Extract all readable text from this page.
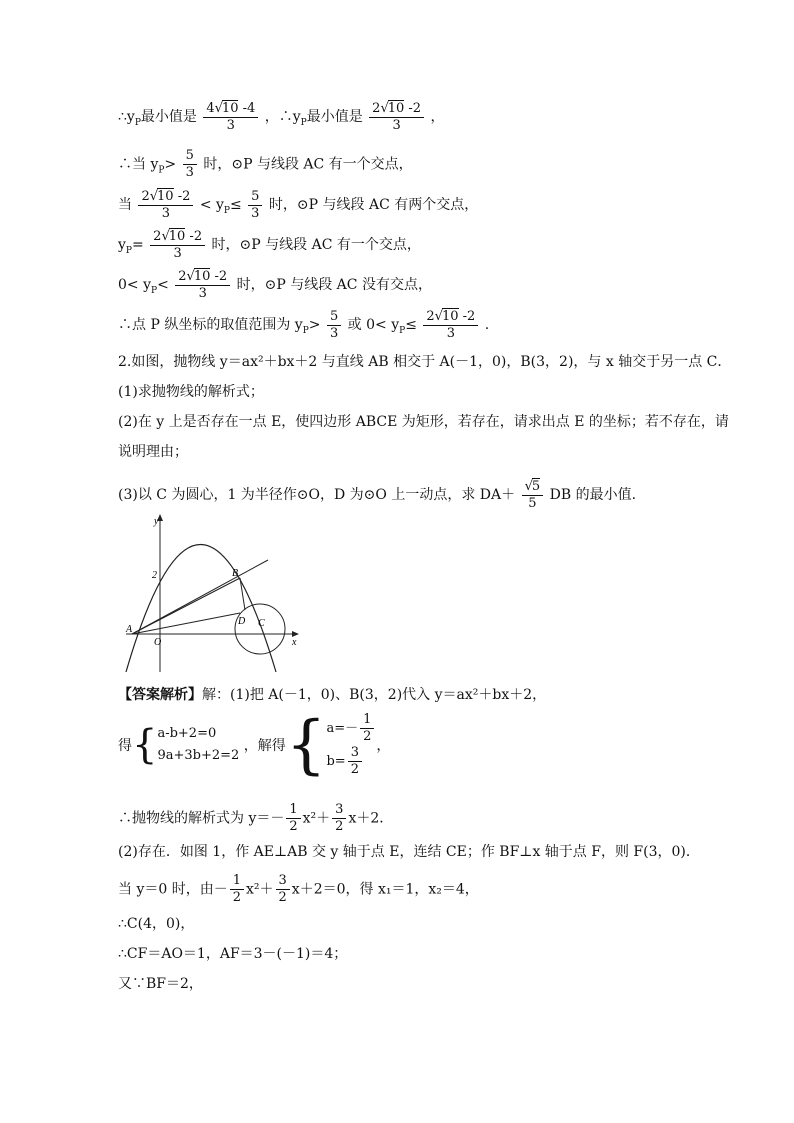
$\therefore y_P$最小值是 $\frac{4√10 -4}{3}$ ，$\therefore y_P$最小值是 $\frac{2√10 -2}{3}$ ，
∴当 $y_P> \frac{5}{3}$ 时，⊙P 与线段 AC 有一个交点，
当 $\frac{2√10 -2}{3} < y_P\le \frac{5}{3}$ 时，⊙P 与线段 AC 有两个交点，
$y_P= \frac{2√10 -2}{3}$ 时，⊙P 与线段 AC 有一个交点，
$0< y_P< \frac{2√10 -2}{3}$ 时，⊙P 与线段 AC 没有交点，
∴点 P 纵坐标的取值范围为 $y_P> \frac{5}{3}$ 或 $0< y_P\le \frac{2√10 -2}{3}$ .
2.如图，抛物线 y＝ax²＋bx＋2 与直线 AB 相交于 A(－1，0)，B(3，2)，与 x 轴交于另一点 C．
(1)求抛物线的解析式；
(2)在 y 上是否存在一点 E，使四边形 ABCE 为矩形，若存在，请求出点 E 的坐标；若不存在，请
说明理由；
(3)以 C 为圆心，1 为半径作⊙O，D 为⊙O 上一动点，求 $DA+ \frac{√5}{5}$ DB 的最小值.
y
x
2
A
O
B
D C
【答案解析】解：(1)把 A(－1，0)、B(3，2)代入 y＝ax²＋bx＋2，
得{a-b+2=0
9a+3b+2=2 ，解得{ $a=- \frac{1}{2}$
$b= \frac{3}{2}$ ，
∴抛物线的解析式为 $y=- \frac{1}{2} x^2+ \frac{3}{2} x+2$．
(2)存在．如图 1，作 AE⊥AB 交 y 轴于点 E，连结 CE；作 BF⊥x 轴于点 F，则 F(3，0)．
当 y＝0 时，由－ $\frac{1}{2} x^2+ \frac{3}{2} x+2=0$，得 x₁＝1，x₂＝4，
∴C(4，0)，
∴CF＝AO＝1，AF＝3－(－1)＝4；
又∵BF＝2，
